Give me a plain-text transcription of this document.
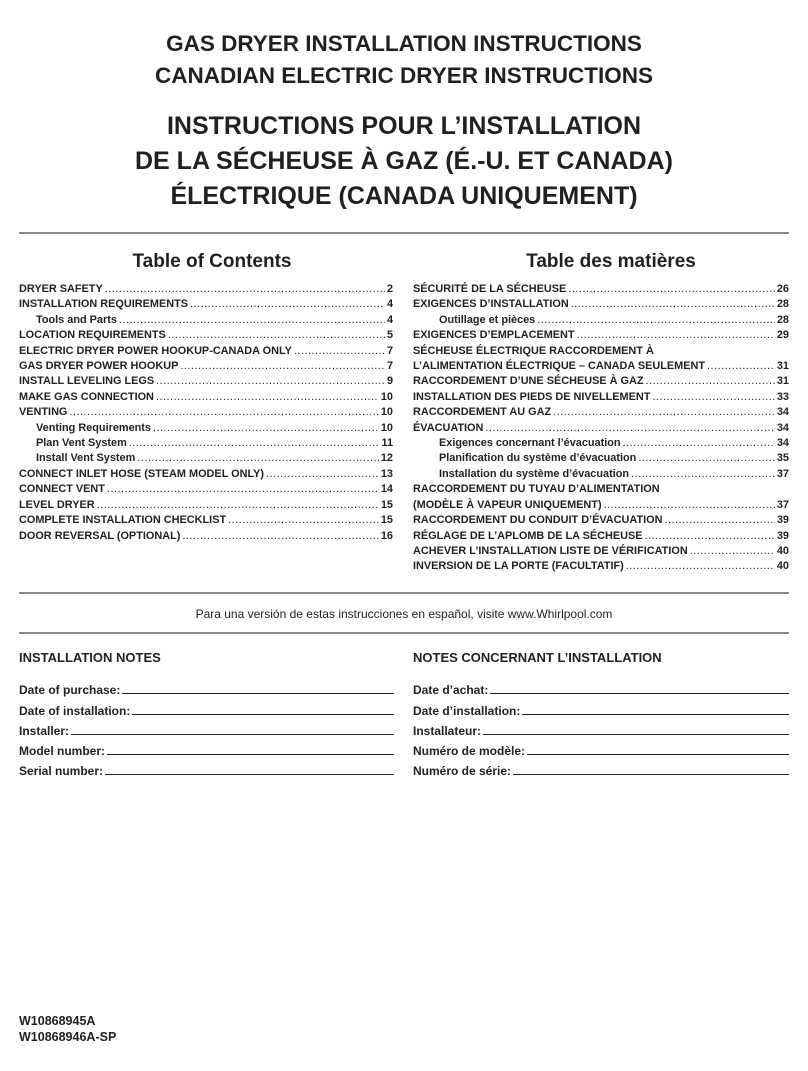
GAS DRYER INSTALLATION INSTRUCTIONS
CANADIAN ELECTRIC DRYER INSTRUCTIONS
INSTRUCTIONS POUR L’INSTALLATION
DE LA SÉCHEUSE À GAZ (É.-U. ET CANADA)
ÉLECTRIQUE (CANADA UNIQUEMENT)
Table of Contents
DRYER SAFETY .....	2
INSTALLATION REQUIREMENTS .....	4
Tools and Parts .....	4
LOCATION REQUIREMENTS .....	5
ELECTRIC DRYER POWER HOOKUP-CANADA ONLY .....	7
GAS DRYER POWER HOOKUP .....	7
INSTALL LEVELING LEGS .....	9
MAKE GAS CONNECTION .....	10
VENTING .....	10
Venting Requirements .....	10
Plan Vent System .....	11
Install Vent System .....	12
CONNECT INLET HOSE (STEAM MODEL ONLY) .....	13
CONNECT VENT .....	14
LEVEL DRYER .....	15
COMPLETE INSTALLATION CHECKLIST .....	15
DOOR REVERSAL (OPTIONAL) .....	16
Table des matières
SÉCURITÉ DE LA SÉCHEUSE .....	26
EXIGENCES D’INSTALLATION .....	28
Outillage et pièces .....	28
EXIGENCES D’EMPLACEMENT .....	29
SÉCHEUSE ÉLECTRIQUE RACCORDEMENT À
L’ALIMENTATION ÉLECTRIQUE – CANADA SEULEMENT .....	31
RACCORDEMENT D’UNE SÉCHEUSE À GAZ .....	31
INSTALLATION DES PIEDS DE NIVELLEMENT .....	33
RACCORDEMENT AU GAZ .....	34
ÉVACUATION .....	34
Exigences concernant l’évacuation .....	34
Planification du système d’évacuation .....	35
Installation du système d’évacuation .....	37
RACCORDEMENT DU TUYAU D’ALIMENTATION
(MODÈLE À VAPEUR UNIQUEMENT) .....	37
RACCORDEMENT DU CONDUIT D’ÉVACUATION .....	39
RÉGLAGE DE L’APLOMB DE LA SÉCHEUSE .....	39
ACHEVER L’INSTALLATION LISTE DE VÉRIFICATION .....	40
INVERSION DE LA PORTE (FACULTATIF) .....	40
Para una versión de estas instrucciones en español, visite www.Whirlpool.com
INSTALLATION NOTES
Date of purchase:
Date of installation:
Installer:
Model number:
Serial number:
NOTES CONCERNANT L’INSTALLATION
Date d’achat:
Date d’installation:
Installateur:
Numéro de modèle:
Numéro de série:
W10868945A
W10868946A-SP
